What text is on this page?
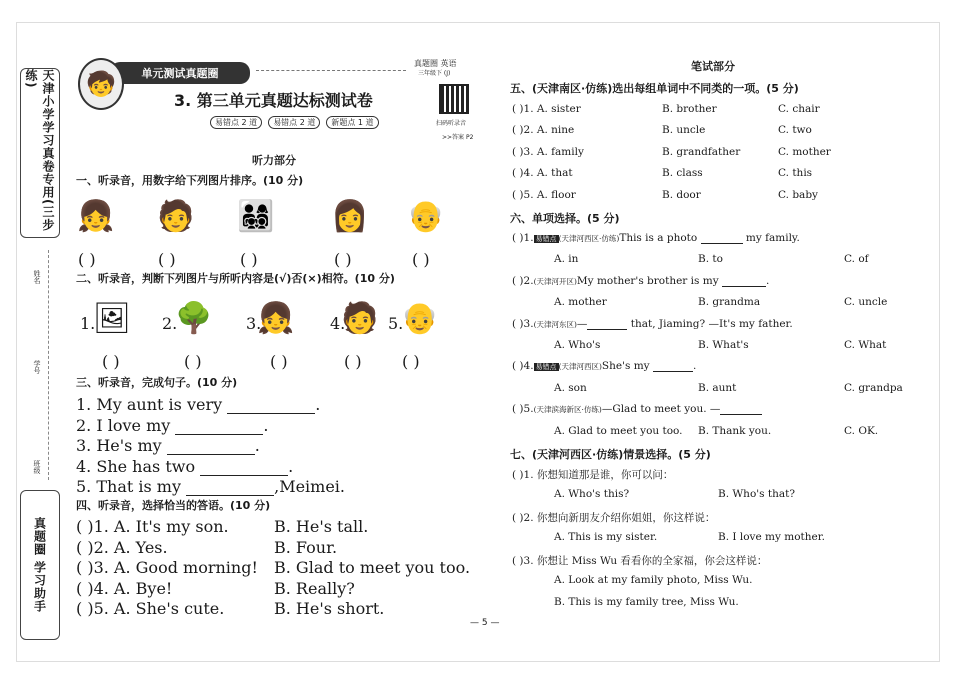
天津小学学习真卷专用(三步练)
姓名
学号
班级
真题圈 学习助手
单元测试真题圈
🧒
真题圈 英语
三年级下 (J)
3. 第三单元真题达标测试卷
易错点 2 道	易错点 2 道	新题点 1 道	扫码听录音
>>答案 P2
听力部分
一、听录音，用数字给下列图片排序。(10 分)
👧 🧑 👨‍👩‍👧‍👦 👩 👴
( )	( )	( )	( )	( )
二、听录音，判断下列图片与所听内容是(√)否(×)相符。(10 分)
1.
🖼 2.
🌳 3.
👧 4.
🧑 5.
👴
( )	( )	( )	( )	( )
三、听录音，完成句子。(10 分)
1. My aunt is very	.
2. I love my	.
3. He's my	.
4. She has two	.
5. That is my	,Meimei.
四、听录音，选择恰当的答语。(10 分)
( )1. A. It's my son.	B. He's tall.
( )2. A. Yes.	B. Four.
( )3. A. Good morning! B. Glad to meet you too.
( )4. A. Bye!	B. Really?
( )5. A. She's cute.	B. He's short.
笔试部分
五、(天津南区·仿练)选出每组单词中不同类的一项。(5 分)
( )1. A. sister	B. brother	C. chair
( )2. A. nine	B. uncle	C. two
( )3. A. family	B. grandfather	C. mother
( )4. A. that	B. class	C. this
( )5. A. floor	B. door	C. baby
六、单项选择。(5 分)
( )1. 易错点 (天津河西区·仿练)This is a photo	my family.
A. in	B. to	C. of
( )2.(天津河开区)My mother's brother is my	.
A. mother	B. grandma	C. uncle
( )3.(天津河东区)—	that, Jiaming? —It's my father.
A. Who's	B. What's	C. What
( )4. 易错点 (天津河西区)She's my	.
A. son	B. aunt	C. grandpa
( )5.(天津滨海新区·仿练)—Glad to meet you. —
A. Glad to meet you too. B. Thank you.	C. OK.
七、(天津河西区·仿练)情景选择。(5 分)
( )1. 你想知道那是谁，你可以问：
A. Who's this?	B. Who's that?
( )2. 你想向新朋友介绍你姐姐，你这样说：
A. This is my sister.	B. I love my mother.
( )3. 你想让 Miss Wu 看看你的全家福，你会这样说：
A. Look at my family photo, Miss Wu.
B. This is my family tree, Miss Wu.
— 5 —
